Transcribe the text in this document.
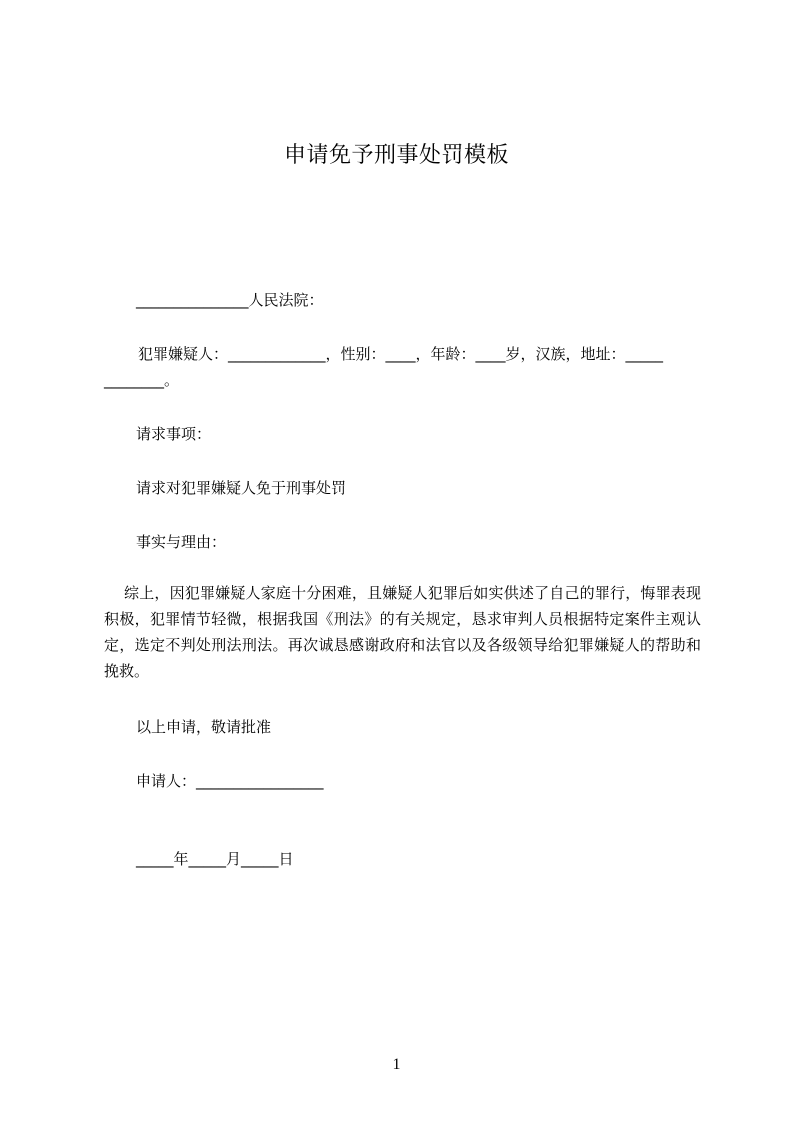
申请免予刑事处罚模板
_______________人民法院：
犯罪嫌疑人：_____________，性别：____，年龄：____岁，汉族，地址：_____
________。
请求事项：
请求对犯罪嫌疑人免于刑事处罚
事实与理由：
综上，因犯罪嫌疑人家庭十分困难，且嫌疑人犯罪后如实供述了自己的罪行，悔罪表现积极，犯罪情节轻微，根据我国《刑法》的有关规定，恳求审判人员根据特定案件主观认定，选定不判处刑法刑法。再次诚恳感谢政府和法官以及各级领导给犯罪嫌疑人的帮助和挽救。
以上申请，敬请批准
申请人：_________________
_____年_____月_____日
1
